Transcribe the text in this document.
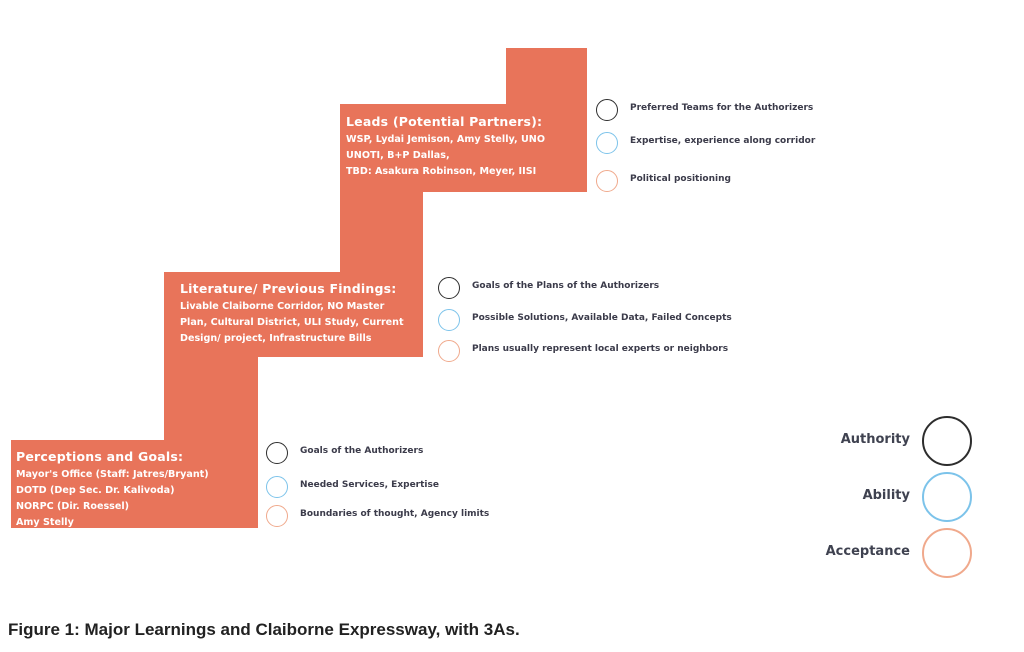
Perceptions and Goals:
Mayor's Office (Staff: Jatres/Bryant)
DOTD (Dep Sec. Dr. Kalivoda)
NORPC (Dir. Roessel)
Amy Stelly
Literature/ Previous Findings:
Livable Claiborne Corridor, NO Master
Plan, Cultural District, ULI Study, Current
Design/ project, Infrastructure Bills
Leads (Potential Partners):
WSP, Lydai Jemison, Amy Stelly, UNO
UNOTI, B+P Dallas,
TBD: Asakura Robinson, Meyer, IISI
Goals of the Authorizers
Needed Services, Expertise
Boundaries of thought, Agency limits
Goals of the Plans of the Authorizers
Possible Solutions, Available Data, Failed Concepts
Plans usually represent local experts or neighbors
Preferred Teams for the Authorizers
Expertise, experience along corridor
Political positioning
Authority
Ability
Acceptance
Figure 1: Major Learnings and Claiborne Expressway, with 3As.
